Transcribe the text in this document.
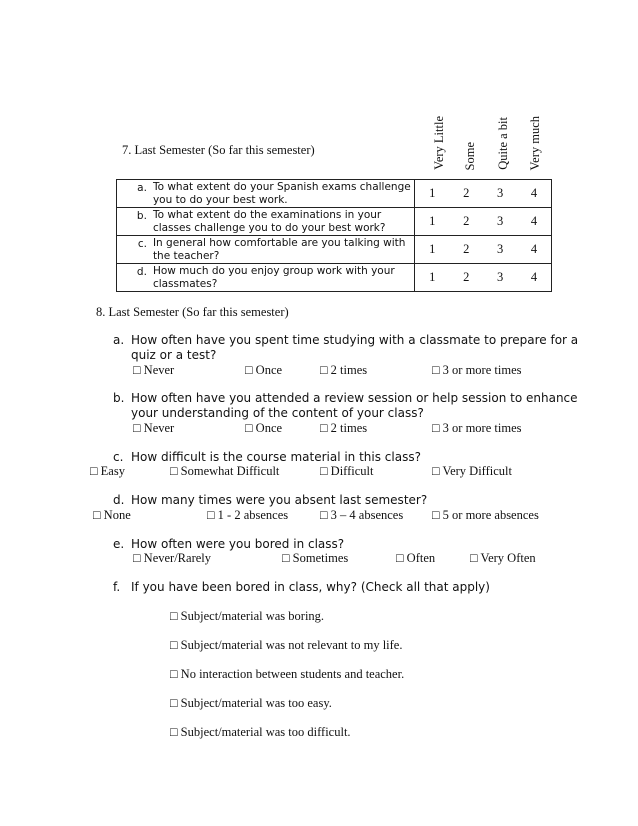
7. Last Semester (So far this semester)	Very Little Some Quite a bit Very much
a. To what extent do your Spanish exams challenge you to do your best work.	1	2	3	4
b. To what extent do the examinations in your classes challenge you to do your best work?	1	2	3	4
c. In general how comfortable are you talking with the teacher?	1	2	3	4
d. How much do you enjoy group work with your classmates?	1	2	3	4
8. Last Semester (So far this semester)
a. How often have you spent time studying with a classmate to prepare for a
quiz or a test?
□ Never	□ Once	□ 2 times	□ 3 or more times
b. How often have you attended a review session or help session to enhance
your understanding of the content of your class?
□ Never	□ Once	□ 2 times	□ 3 or more times
c. How difficult is the course material in this class?
□ Easy	□ Somewhat Difficult	□ Difficult	□ Very Difficult
d. How many times were you absent last semester?
□ None	□ 1 - 2 absences	□ 3 – 4 absences □ 5 or more absences
e. How often were you bored in class?
□ Never/Rarely	□ Sometimes	□ Often	□ Very Often
f. If you have been bored in class, why? (Check all that apply)
□ Subject/material was boring.
□ Subject/material was not relevant to my life.
□ No interaction between students and teacher.
□ Subject/material was too easy.
□ Subject/material was too difficult.
